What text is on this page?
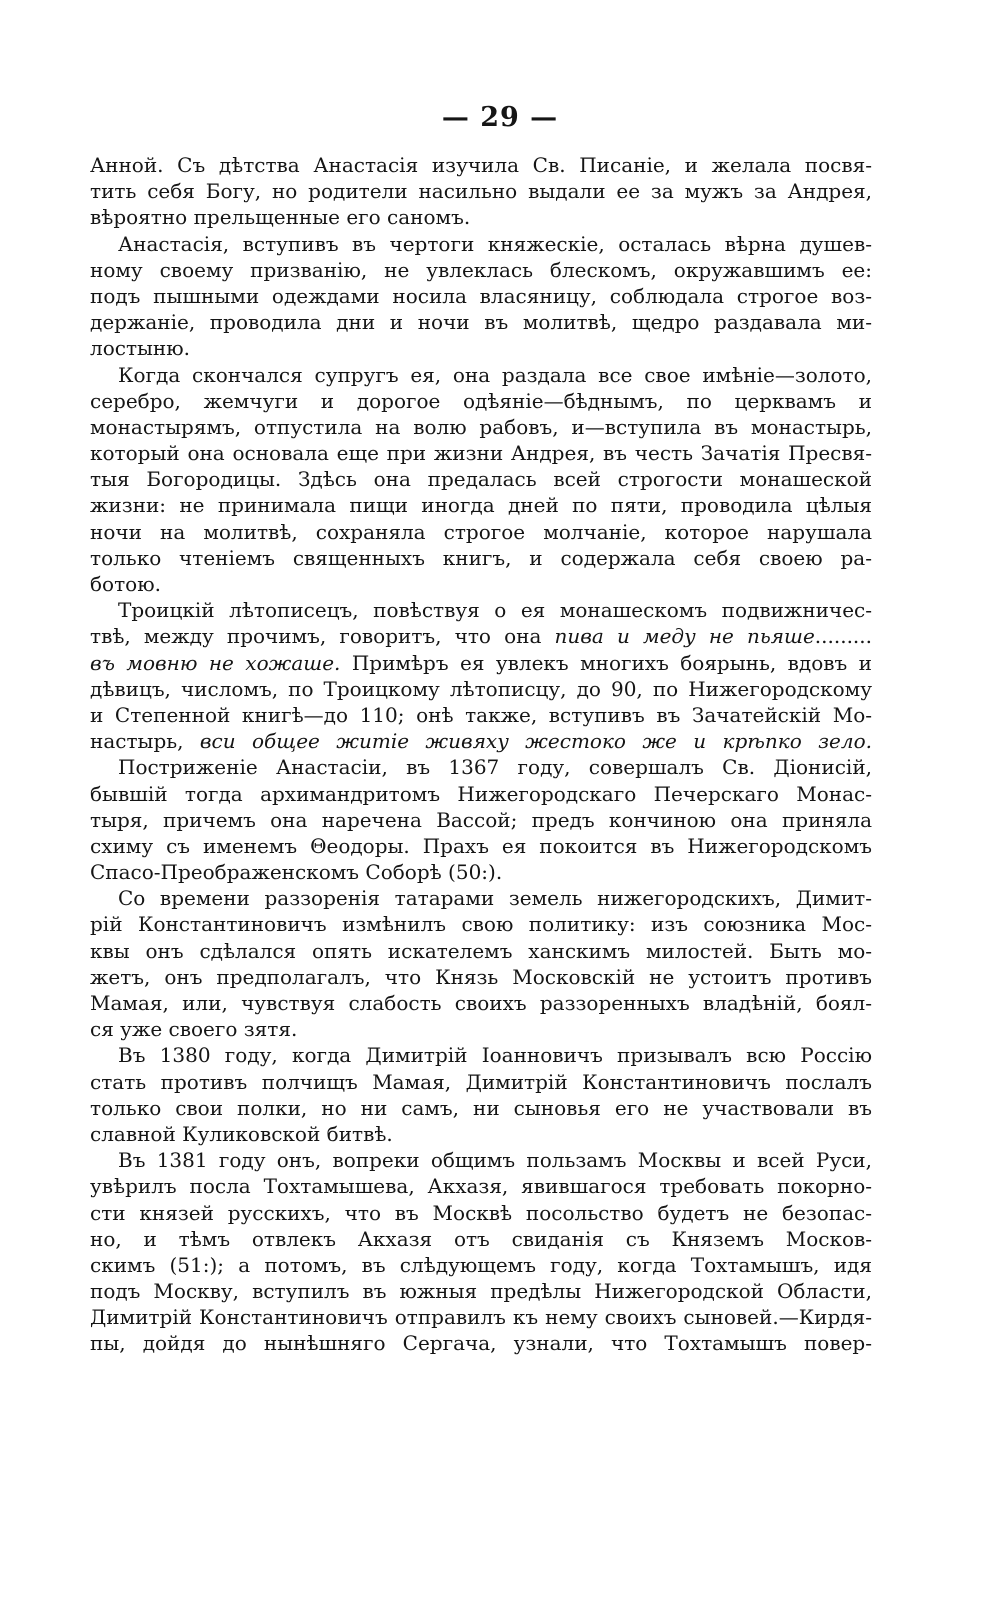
— 29 —
Анной. Съ дѣтства Анастасія изучила Св. Писаніе, и желала посвя-
тить себя Богу, но родители насильно выдали ее за мужъ за Андрея,
вѣроятно прельщенные его саномъ.
Анастасія, вступивъ въ чертоги княжескіе, осталась вѣрна душев-
ному своему призванію, не увлеклась блескомъ, окружавшимъ ее:
подъ пышными одеждами носила власяницу, соблюдала строгое воз-
держаніе, проводила дни и ночи въ молитвѣ, щедро раздавала ми-
лостыню.
Когда скончался супругъ ея, она раздала все свое имѣніе—золото,
серебро, жемчуги и дорогое одѣяніе—бѣднымъ, по церквамъ и
монастырямъ, отпустила на волю рабовъ, и—вступила въ монастырь,
который она основала еще при жизни Андрея, въ честь Зачатія Пресвя-
тыя Богородицы. Здѣсь она предалась всей строгости монашеской
жизни: не принимала пищи иногда дней по пяти, проводила цѣлыя
ночи на молитвѣ, сохраняла строгое молчаніе, которое нарушала
только чтеніемъ священныхъ книгъ, и содержала себя своею ра-
ботою.
Троицкій лѣтописецъ, повѣствуя о ея монашескомъ подвижничес-
твѣ, между прочимъ, говоритъ, что она пива и меду не пьяше.........
въ мовню не хожаше. Примѣръ ея увлекъ многихъ боярынь, вдовъ и
дѣвицъ, числомъ, по Троицкому лѣтописцу, до 90, по Нижегородскому
и Степенной книгѣ—до 110; онѣ также, вступивъ въ Зачатейскій Мо-
настырь, вси общее житіе живяху жестоко же и крѣпко зело.
Постриженіе Анастасіи, въ 1367 году, совершалъ Св. Діонисій,
бывшій тогда архимандритомъ Нижегородскаго Печерскаго Монас-
тыря, причемъ она наречена Вассой; предъ кончиною она приняла
схиму съ именемъ Θеодоры. Прахъ ея покоится въ Нижегородскомъ
Спасо-Преображенскомъ Соборѣ (50:).
Со времени раззоренія татарами земель нижегородскихъ, Димит-
рій Константиновичъ измѣнилъ свою политику: изъ союзника Мос-
квы онъ сдѣлался опять искателемъ ханскимъ милостей. Быть мо-
жетъ, онъ предполагалъ, что Князь Московскій не устоитъ противъ
Мамая, или, чувствуя слабость своихъ раззоренныхъ владѣній, боял-
ся уже своего зятя.
Въ 1380 году, когда Димитрій Іоанновичъ призывалъ всю Россію
стать противъ полчищъ Мамая, Димитрій Константиновичъ послалъ
только свои полки, но ни самъ, ни сыновья его не участвовали въ
славной Куликовской битвѣ.
Въ 1381 году онъ, вопреки общимъ пользамъ Москвы и всей Руси,
увѣрилъ посла Тохтамышева, Акхазя, явившагося требовать покорно-
сти князей русскихъ, что въ Москвѣ посольство будетъ не безопас-
но, и тѣмъ отвлекъ Акхазя отъ свиданія съ Княземъ Москов-
скимъ (51:); а потомъ, въ слѣдующемъ году, когда Тохтамышъ, идя
подъ Москву, вступилъ въ южныя предѣлы Нижегородской Области,
Димитрій Константиновичъ отправилъ къ нему своихъ сыновей.—Кирдя-
пы, дойдя до нынѣшняго Сергача, узнали, что Тохтамышъ повер-
